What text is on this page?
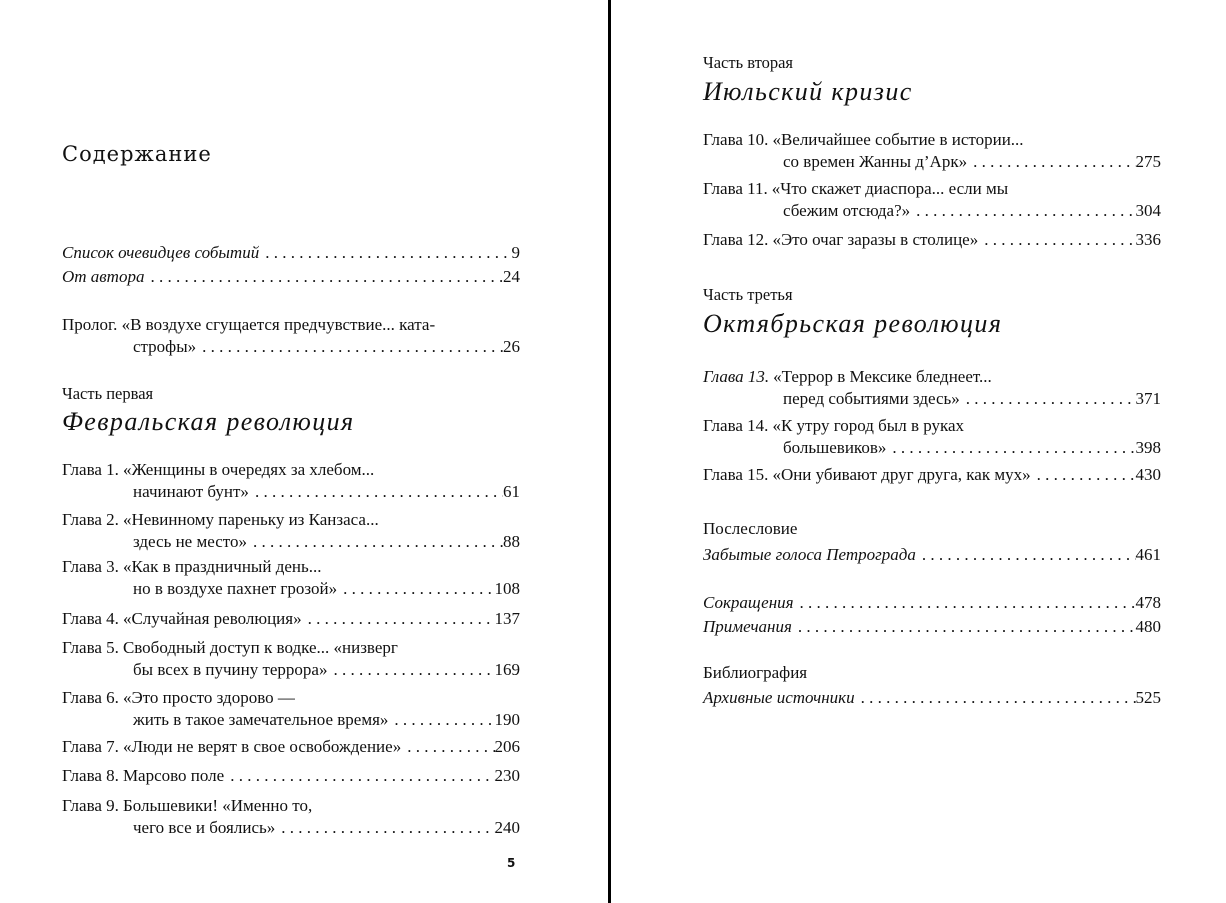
Содержание
Список очевидцев событий . . .	9
От автора . . .	24
Пролог. «В воздухе сгущается предчувствие... ката-
строфы» . . .	26
Часть первая
Февральская революция
Глава 1. «Женщины в очередях за хлебом...
начинают бунт» . . .	61
Глава 2. «Невинному пареньку из Канзаса...
здесь не место» . . .	88
Глава 3. «Как в праздничный день...
но в воздухе пахнет грозой» . . .	108
Глава 4. «Случайная революция» . . .	137
Глава 5. Свободный доступ к водке... «низверг
бы всех в пучину террора» . . .	169
Глава 6. «Это просто здорово —
жить в такое замечательное время» . . .	190
Глава 7. «Люди не верят в свое освобождение» . . .	206
Глава 8. Марсово поле . . .	230
Глава 9. Большевики! «Именно то,
чего все и боялись» . . .	240
5
Часть вторая
Июльский кризис
Глава 10. «Величайшее событие в истории...
со времен Жанны д’Арк» . . .	275
Глава 11. «Что скажет диаспора... если мы
сбежим отсюда?» . . .	304
Глава 12. «Это очаг заразы в столице» . . .	336
Часть третья
Октябрьская революция
Глава 13. «Террор в Мексике бледнеет...
перед событиями здесь» . . .	371
Глава 14. «К утру город был в руках
большевиков» . . .	398
Глава 15. «Они убивают друг друга, как мух» . . .	430
Послесловие
Забытые голоса Петрограда . . .	461
Сокращения . . .	478
Примечания . . .	480
Библиография
Архивные источники . . .	525
